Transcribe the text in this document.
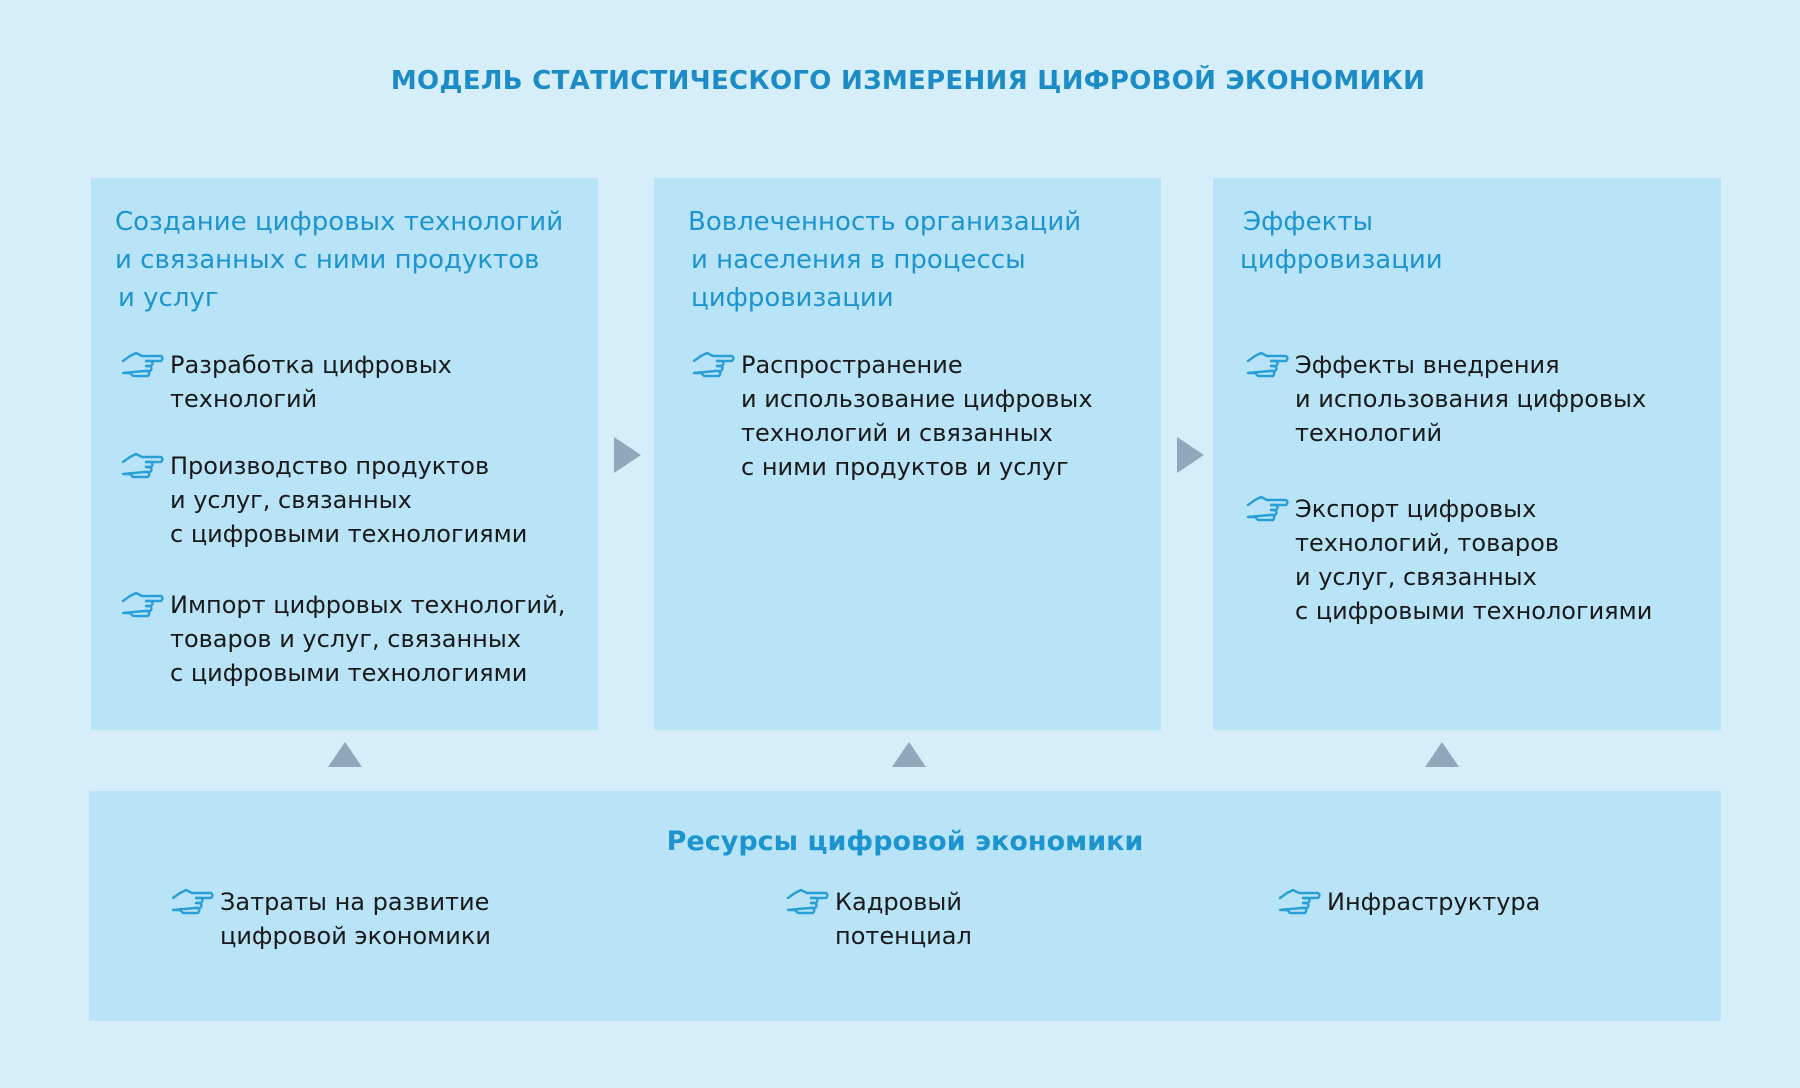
МОДЕЛЬ СТАТИСТИЧЕСКОГО ИЗМЕРЕНИЯ ЦИФРОВОЙ ЭКОНОМИКИ
Создание цифровых технологий
и связанных с ними продуктов
и услуг
Разработка цифровых
технологий
Производство продуктов
и услуг, связанных
с цифровыми технологиями
Импорт цифровых технологий,
товаров и услуг, связанных
с цифровыми технологиями
Вовлеченность организаций
и населения в процессы
цифровизации
Распространение
и использование цифровых
технологий и связанных
с ними продуктов и услуг
Эффекты
цифровизации
Эффекты внедрения
и использования цифровых
технологий
Экспорт цифровых
технологий, товаров
и услуг, связанных
с цифровыми технологиями
Ресурсы цифровой экономики
Затраты на развитие
цифровой экономики
Кадровый
потенциал
Инфраструктура
